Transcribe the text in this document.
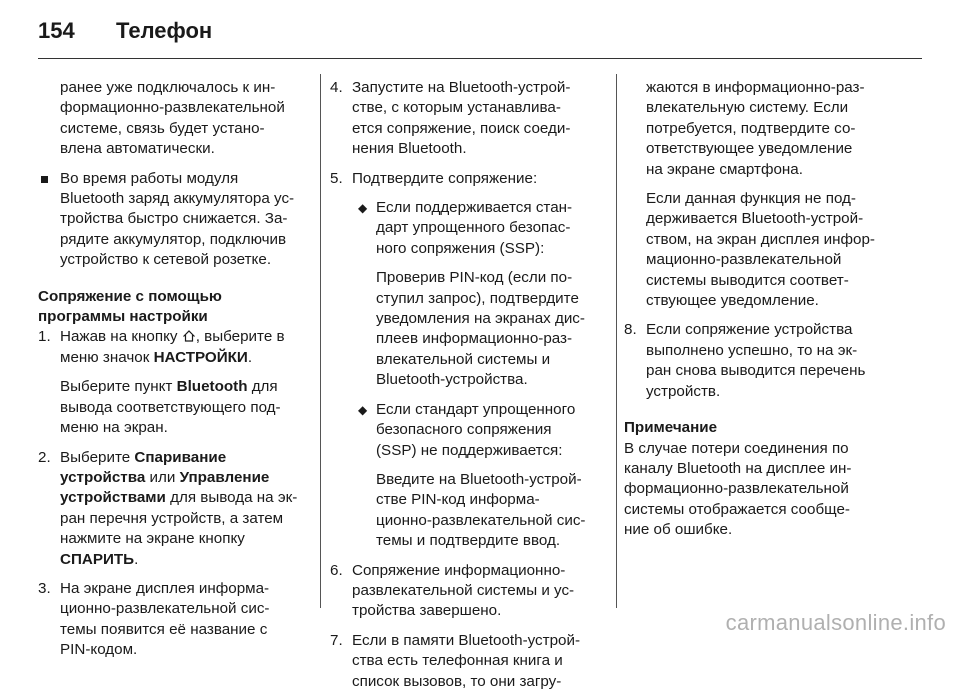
154 Телефон

ранее уже подключалось к ин-

формационно-развлекательной

системе, связь будет устано-

влена автоматически.

Во время работы модуля

Bluetooth заряд аккумулятора ус-

тройства быстро снижается. За-

рядите аккумулятор, подключив

устройство к сетевой розетке.

Сопряжение с помощью

программы настройки

1. Нажав на кнопку , выберите в

меню значок НАСТРОЙКИ.

Выберите пункт Bluetooth для

вывода соответствующего под-

меню на экран.

2. Выберите Спаривание

устройства или Управление

устройствами для вывода на эк-

ран перечня устройств, а затем

нажмите на экране кнопку

СПАРИТЬ.

3. На экране дисплея информа-

ционно-развлекательной сис-

темы появится её название с

PIN-кодом.

4. Запустите на Bluetooth-устрой-

стве, с которым устанавлива-

ется сопряжение, поиск соеди-

нения Bluetooth.

5. Подтвердите сопряжение:

◆ Если поддерживается стан-

дарт упрощенного безопас-

ного сопряжения (SSP):

Проверив PIN-код (если по-

ступил запрос), подтвердите

уведомления на экранах дис-

плеев информационно-раз-

влекательной системы и

Bluetooth-устройства.

◆ Если стандарт упрощенного

безопасного сопряжения

(SSP) не поддерживается:

Введите на Bluetooth-устрой-

стве PIN-код информа-

ционно-развлекательной сис-

темы и подтвердите ввод.

6. Сопряжение информационно-

развлекательной системы и ус-

тройства завершено.

7. Если в памяти Bluetooth-устрой-

ства есть телефонная книга и

список вызовов, то они загру-

жаются в информационно-раз-

влекательную систему. Если

потребуется, подтвердите со-

ответствующее уведомление

на экране смартфона.

Если данная функция не под-

держивается Bluetooth-устрой-

ством, на экран дисплея инфор-

мационно-развлекательной

системы выводится соответ-

ствующее уведомление.

8. Если сопряжение устройства

выполнено успешно, то на эк-

ран снова выводится перечень

устройств.

Примечание

В случае потери соединения по

каналу Bluetooth на дисплее ин-

формационно-развлекательной

системы отображается сообще-

ние об ошибке.

carmanualsonline.info
